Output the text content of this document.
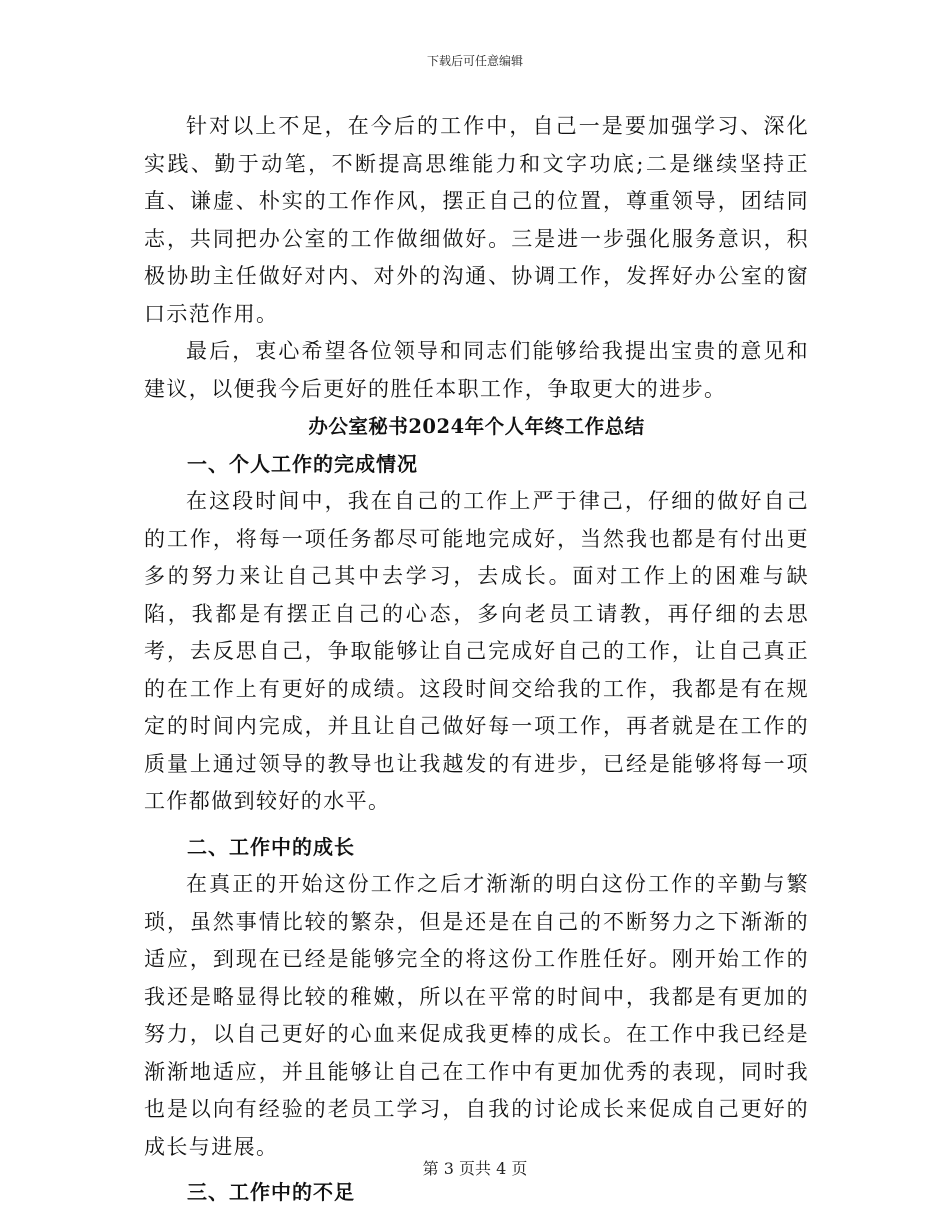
下载后可任意编辑

针对以上不足，在今后的工作中，自己一是要加强学习、深化实践、勤于动笔，不断提高思维能力和文字功底;二是继续坚持正直、谦虚、朴实的工作作风，摆正自己的位置，尊重领导，团结同志，共同把办公室的工作做细做好。三是进一步强化服务意识，积极协助主任做好对内、对外的沟通、协调工作，发挥好办公室的窗口示范作用。

最后，衷心希望各位领导和同志们能够给我提出宝贵的意见和建议，以便我今后更好的胜任本职工作，争取更大的进步。

办公室秘书2024年个人年终工作总结

一、个人工作的完成情况

在这段时间中，我在自己的工作上严于律己，仔细的做好自己的工作，将每一项任务都尽可能地完成好，当然我也都是有付出更多的努力来让自己其中去学习，去成长。面对工作上的困难与缺陷，我都是有摆正自己的心态，多向老员工请教，再仔细的去思考，去反思自己，争取能够让自己完成好自己的工作，让自己真正的在工作上有更好的成绩。这段时间交给我的工作，我都是有在规定的时间内完成，并且让自己做好每一项工作，再者就是在工作的质量上通过领导的教导也让我越发的有进步，已经是能够将每一项工作都做到较好的水平。

二、工作中的成长

在真正的开始这份工作之后才渐渐的明白这份工作的辛勤与繁琐，虽然事情比较的繁杂，但是还是在自己的不断努力之下渐渐的适应，到现在已经是能够完全的将这份工作胜任好。刚开始工作的我还是略显得比较的稚嫩，所以在平常的时间中，我都是有更加的努力，以自己更好的心血来促成我更棒的成长。在工作中我已经是渐渐地适应，并且能够让自己在工作中有更加优秀的表现，同时我也是以向有经验的老员工学习，自我的讨论成长来促成自己更好的成长与进展。

三、工作中的不足

第 3 页共 4 页
